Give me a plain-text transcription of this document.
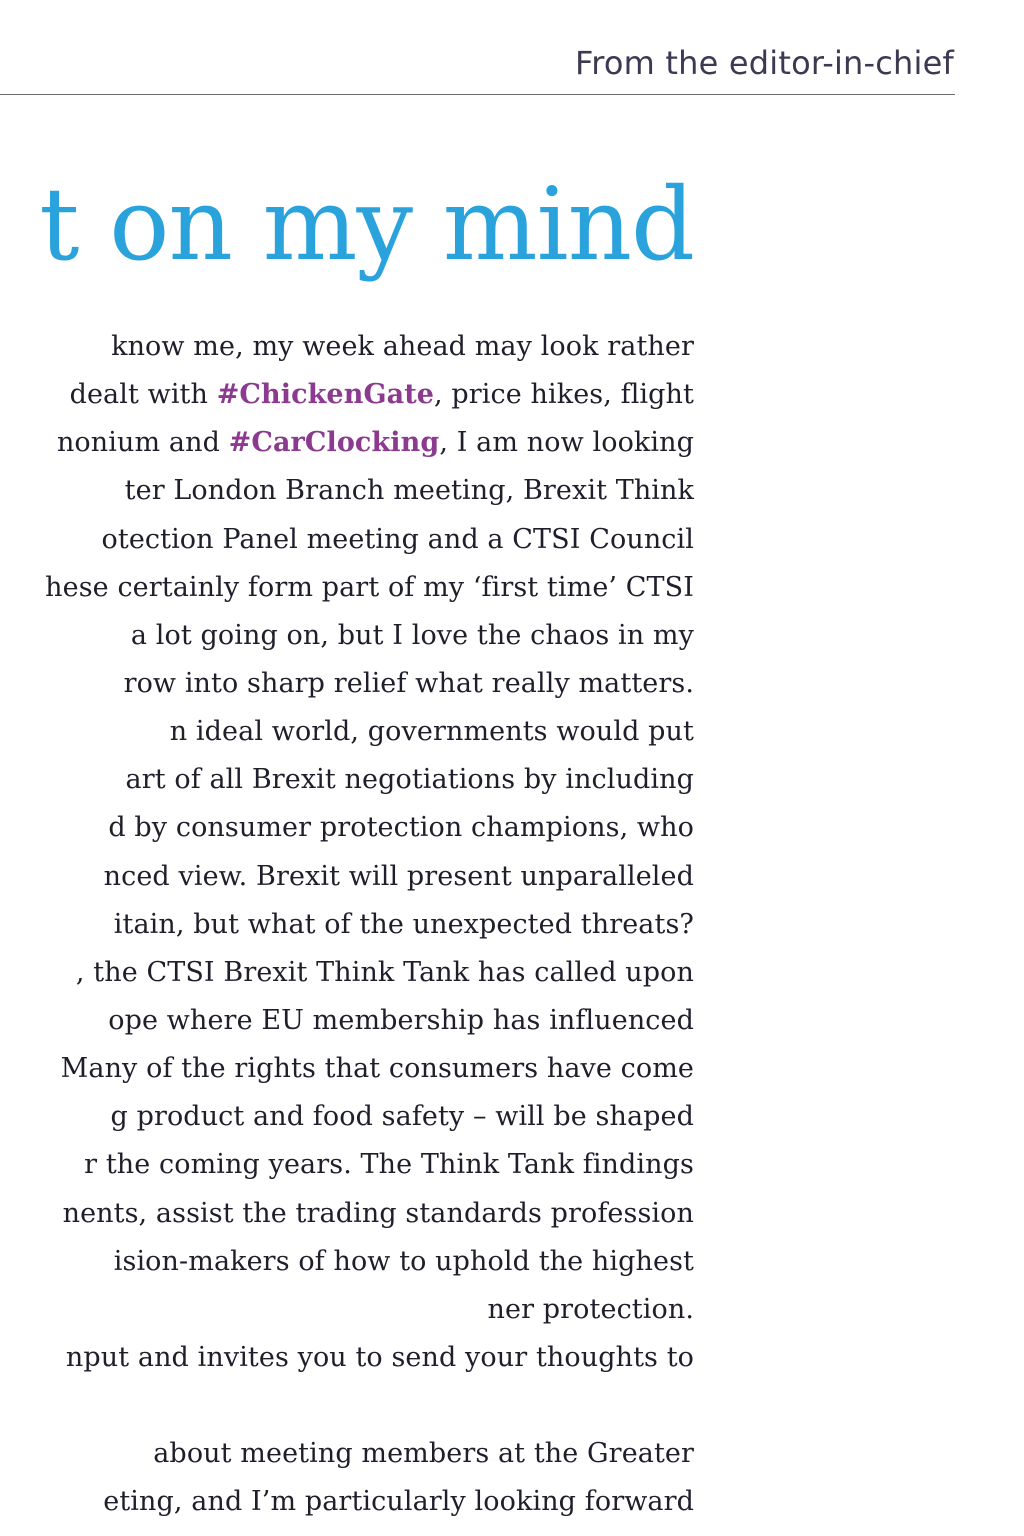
From the editor-in-chief
t on my mind
know me, my week ahead may look rather
dealt with #ChickenGate, price hikes, flight
nonium and #CarClocking, I am now looking
ter London Branch meeting, Brexit Think
otection Panel meeting and a CTSI Council
hese certainly form part of my ‘first time’ CTSI
a lot going on, but I love the chaos in my
row into sharp relief what really matters.
n ideal world, governments would put
art of all Brexit negotiations by including
d by consumer protection champions, who
nced view. Brexit will present unparalleled
itain, but what of the unexpected threats?
, the CTSI Brexit Think Tank has called upon
ope where EU membership has influenced
Many of the rights that consumers have come
g product and food safety – will be shaped
r the coming years. The Think Tank findings
nents, assist the trading standards profession
ision-makers of how to uphold the highest
ner protection.
nput and invites you to send your thoughts to
about meeting members at the Greater
eting, and I’m particularly looking forward
